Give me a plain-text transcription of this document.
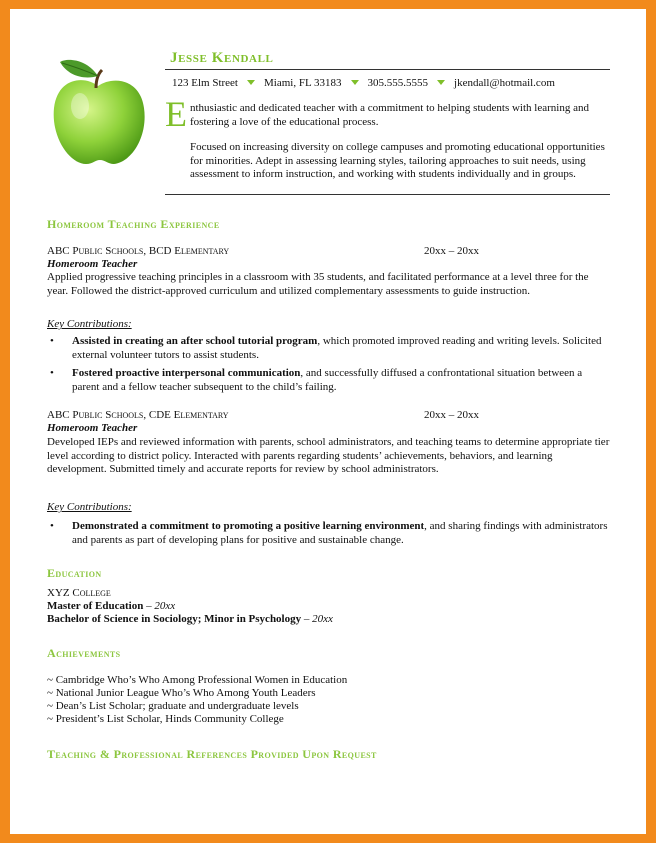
Jesse Kendall
123 Elm Street Miami, FL 33183 305.555.5555 jkendall@hotmail.com
E nthusiastic and dedicated teacher with a commitment to helping students with learning and fostering a love of the educational process.
Focused on increasing diversity on college campuses and promoting educational opportunities for minorities. Adept in assessing learning styles, tailoring approaches to suit needs, using assessment to inform instruction, and working with students individually and in groups.
Homeroom Teaching Experience
ABC Public Schools, BCD Elementary	20xx – 20xx
Homeroom Teacher
Applied progressive teaching principles in a classroom with 35 students, and facilitated performance at a level three for the year. Followed the district-approved curriculum and utilized complementary assessments to guide instruction.
Key Contributions:
• Assisted in creating an after school tutorial program, which promoted improved reading and writing levels. Solicited external volunteer tutors to assist students.
• Fostered proactive interpersonal communication, and successfully diffused a confrontational situation between a parent and a fellow teacher subsequent to the child’s failing.
ABC Public Schools, CDE Elementary	20xx – 20xx
Homeroom Teacher
Developed IEPs and reviewed information with parents, school administrators, and teaching teams to determine appropriate tier level according to district policy. Interacted with parents regarding students’ achievements, behaviors, and learning development. Submitted timely and accurate reports for review by school administrators.
Key Contributions:
• Demonstrated a commitment to promoting a positive learning environment, and sharing findings with administrators and parents as part of developing plans for positive and sustainable change.
Education
XYZ College
Master of Education – 20xx
Bachelor of Science in Sociology; Minor in Psychology – 20xx
Achievements
~ Cambridge Who’s Who Among Professional Women in Education
~ National Junior League Who’s Who Among Youth Leaders
~ Dean’s List Scholar; graduate and undergraduate levels
~ President’s List Scholar, Hinds Community College
Teaching & Professional References Provided Upon Request
